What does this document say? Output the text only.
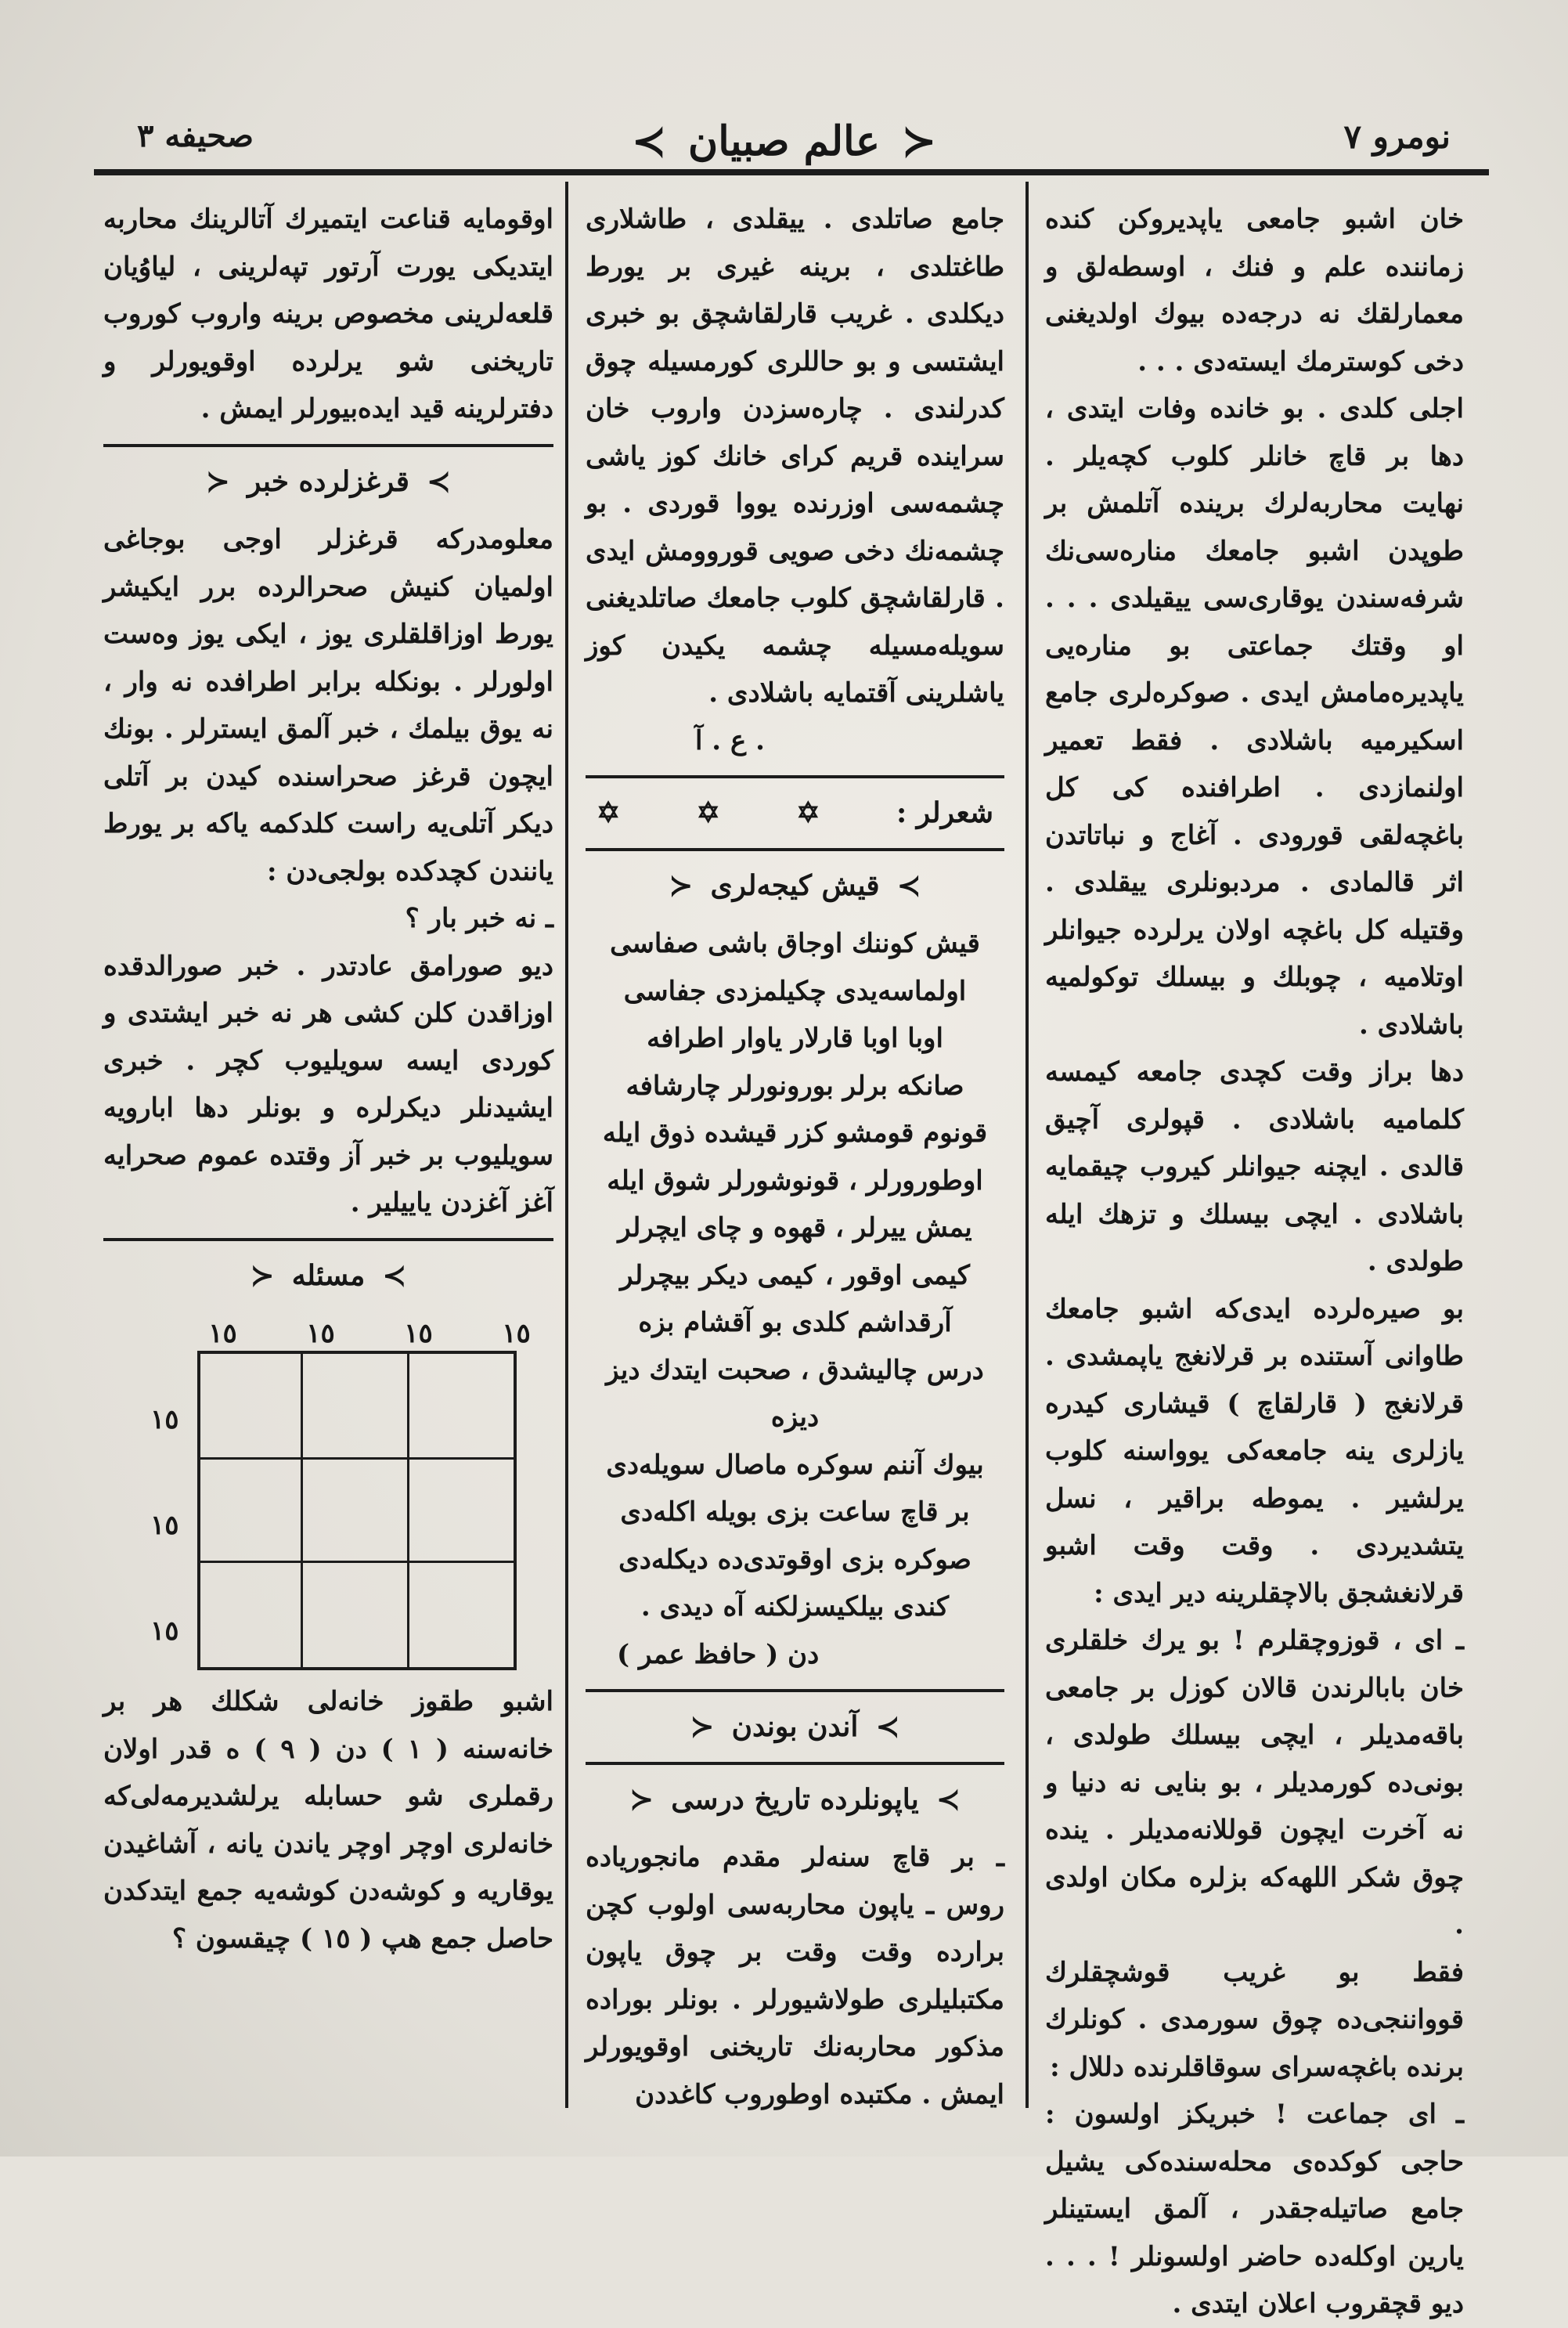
≺ عالم صبیان ≻
صحیفه ٣	نومرو ٧

خان اشبو جامعی یاپدیروکن کنده زماننده علم و فنك ، اوسطه‌لق و معمارلقك نه درجه‌ده بیوك اولدیغنی دخی کوسترمك ایسته‌دی . . .

اجلی کلدی . بو خانده وفات ایتدی ، دها بر قاچ خانلر کلوب کچه‌یلر . نهایت محاربه‌لرك برینده آتلمش بر طوپدن اشبو جامعك مناره‌سی‌نك شرفه‌سندن یوقاری‌سی ییقیلدی . . . او وقتك جماعتی بو مناره‌یی یاپدیره‌مامش ایدی . صوکره‌لری جامع اسکیرمیه باشلادی . فقط تعمیر اولنمازدی . اطرافنده کی کل باغچه‌لقی قورودی . آغاج و نباتاتدن اثر قالمادی . مردبونلری ییقلدی . وقتیله کل باغچه اولان یرلرده جیوانلر اوتلامیه ، چوبلك و بیسلك توکولمیه باشلادی .

دها براز وقت کچدی جامعه کیمسه کلمامیه باشلادی . قپولری آچیق قالدی . ایچنه جیوانلر کیروب چیقمایه باشلادی . ایچی بیسلك و تزهك ایله طولدی .

بو صیره‌لرده ایدی‌که اشبو جامعك طاوانی آستنده بر قرلانغج یاپمشدی . قرلانغج ( قارلقاچ ) قیشاری کیدره یازلری ینه جامعه‌کی یوواسنه کلوب یرلشیر . یموطه براقیر ، نسل یتشدیردی . وقت وقت اشبو قرلانغشجق بالاچقلرینه دیر ایدی :

ـ ای ، قوزوچقلرم ! بو یرك خلقلری خان بابالرندن قالان کوزل بر جامعی باقه‌مدیلر ، ایچی بیسلك طولدی ، بونی‌ده کورمدیلر ، بو بنایی نه دنیا و نه آخرت ایچون قوللانه‌مدیلر . ینده چوق شکر اللهه‌که بزلره مکان اولدی .

فقط بو غریب قوشچقلرك قوواننجی‌ده چوق سورمدی . کونلرك برنده باغچه‌سرای سوقاقلرنده دللال :

ـ ای جماعت ! خبریکز اولسون : حاجی کوکده‌ی محله‌سنده‌کی یشیل جامع صاتیله‌جقدر ، آلمق ایستینلر یارین اوکله‌ده حاضر اولسونلر ! . . . دیو قچقروب اعلان ایتدی .

جامع صاتلدی . ییقلدی ، طاشلاری طاغتلدی ، برینه غیری بر یورط دیکلدی . غریب قارلقاشچق بو خبری ایشتسی و بو حاللری کورمسیله چوق کدرلندی . چاره‌سزدن واروب خان سراینده قریم کرای خانك کوز یاشی چشمه‌سی اوزرنده یووا قوردی . بو چشمه‌نك دخی صویی قوروومش ایدی . قارلقاشچق کلوب جامعك صاتلدیغنی سویله‌مسیله چشمه یکیدن کوز یاشلرینی آقتمایه باشلادی .

ع . آ .

شعرلر :
✡
✡
✡
≻ قیش کیجه‌لری ≺

قیش کوننك اوجاق باشی صفاسی

اولماسه‌یدی چکیلمزدی جفاسی

اوبا اوبا قارلار یاوار اطرافه

صانکه برلر بورونورلر چارشافه

قونوم قومشو کزر قیشده ذوق ایله

اوطورورلر ، قونوشورلر شوق ایله

یمش ییرلر ، قهوه و چای ایچرلر

کیمی اوقور ، کیمی دیکر بیچرلر

آرقداشم کلدی بو آقشام بزه

درس چالیشدق ، صحبت ایتدك دیز دیزه

بیوك آننم سوکره ماصال سویله‌دی

بر قاچ ساعت بزی بویله اکله‌دی

صوکره بزی اوقوتدی‌ده دیکله‌دی

کندی بیلکیسزلکنه آه دیدی .

( حافظ عمر ) دن

≻ آندن بوندن ≺
≻ یاپونلرده تاریخ درسی ≺

ـ بر قاچ سنه‌لر مقدم مانجوریاده روس ـ یاپون محاربه‌سی اولوب کچن برارده وقت وقت بر چوق یاپون مکتبلیلری طولاشیورلر . بونلر بوراده مذکور محاربه‌نك تاریخنی اوقویورلر ایمش . مکتبده اوطوروب کاغددن

اوقومایه قناعت ایتمیرك آتالرینك محاربه ایتدیکی یورت آرتور تپه‌لرینی ، لیاوُیان قلعه‌لرینی مخصوص برینه واروب کوروب تاریخنی شو یرلرده اوقویورلر و دفترلرینه قید ایده‌بیورلر ایمش .

≻ قرغزلرده خبر ≺

معلومدرکه قرغزلر اوجی بوجاغی اولمیان کنیش صحرالرده برر ایکیشر یورط اوزاقلقلری یوز ، ایکی یوز وه‌ست اولورلر . بونکله برابر اطرافده نه وار ، نه یوق بیلمك ، خبر آلمق ایسترلر . بونك ایچون قرغز صحراسنده کیدن بر آتلی دیکر آتلی‌یه راست کلدکمه یاکه بر یورط یانندن کچدکده بولجی‌دن :

ـ نه خبر بار ؟

دیو صورامق عادتدر . خبر صورالدقده اوزاقدن کلن کشی هر نه خبر ایشتدی و کوردی ایسه سویلیوب کچر . خبری ایشیدنلر دیکرلره و بونلر دها ابارویه سویلیوب بر خبر آز وقتده عموم صحرایه آغز آغزدن یاییلیر .

≻ مسئله ≺
١٥	١٥	١٥	١٥
١٥
١٥
١٥

اشبو طقوز خانه‌لی شکلك هر بر خانه‌سنه ( ١ ) دن ( ٩ ) ه قدر اولان رقملری شو حسابله یرلشدیرمه‌لی‌که خانه‌لری اوچر اوچر یاندن یانه ، آشاغیدن یوقاریه و کوشه‌دن کوشه‌یه جمع ایتدکدن حاصل جمع هپ ( ١٥ ) چیقسون ؟
